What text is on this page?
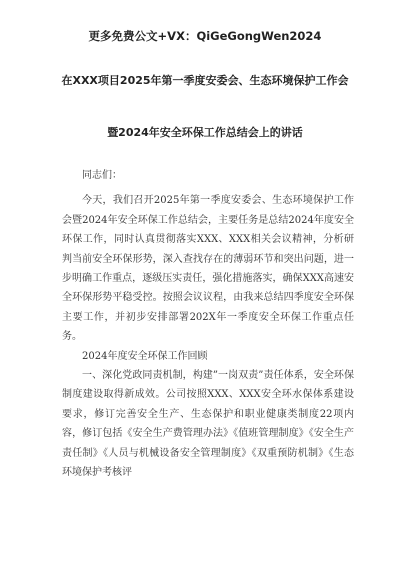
更多免费公文+VX：QiGeGongWen2024
在XXX项目2025年第一季度安委会、生态环境保护工作会
暨2024年安全环保工作总结会上的讲话

同志们：

今天，我们召开2025年第一季度安委会、生态环境保护工作会暨2024年安全环保工作总结会，主要任务是总结2024年度安全环保工作，同时认真贯彻落实XXX、XXX相关会议精神，分析研判当前安全环保形势，深入查找存在的薄弱环节和突出问题，进一步明确工作重点，逐级压实责任，强化措施落实，确保XXX高速安全环保形势平稳受控。按照会议议程，由我来总结四季度安全环保主要工作，并初步安排部署202X年一季度安全环保工作重点任务。

2024年度安全环保工作回顾

一、深化党政同责机制，构建”一岗双责”责任体系，安全环保制度建设取得新成效。公司按照XXX、XXX安全环水保体系建设要求，修订完善安全生产、生态保护和职业健康类制度22项内容，修订包括《安全生产费管理办法》《值班管理制度》《安全生产责任制》《人员与机械设备安全管理制度》《双重预防机制》《生态环境保护考核评
